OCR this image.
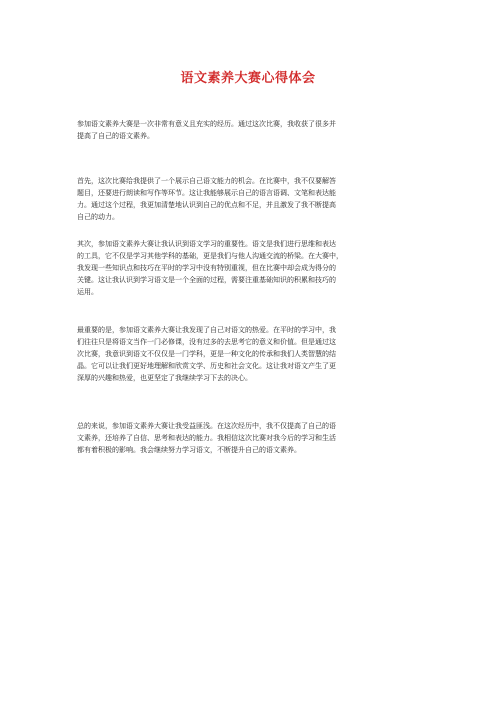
语文素养大赛心得体会

参加语文素养大赛是一次非常有意义且充实的经历。通过这次比赛，我收获了很多并
提高了自己的语文素养。

首先，这次比赛给我提供了一个展示自己语文能力的机会。在比赛中，我不仅要解答
题目，还要进行朗读和写作等环节。这让我能够展示自己的语言语调、文笔和表达能
力。通过这个过程，我更加清楚地认识到自己的优点和不足，并且激发了我不断提高
自己的动力。

其次，参加语文素养大赛让我认识到语文学习的重要性。语文是我们进行思维和表达
的工具，它不仅是学习其他学科的基础，更是我们与他人沟通交流的桥梁。在大赛中，
我发现一些知识点和技巧在平时的学习中没有特别重视，但在比赛中却会成为得分的
关键。这让我认识到学习语文是一个全面的过程，需要注重基础知识的积累和技巧的
运用。

最重要的是，参加语文素养大赛让我发现了自己对语文的热爱。在平时的学习中，我
们往往只是将语文当作一门必修课，没有过多的去思考它的意义和价值。但是通过这
次比赛，我意识到语文不仅仅是一门学科，更是一种文化的传承和我们人类智慧的结
晶。它可以让我们更好地理解和欣赏文学、历史和社会文化。这让我对语文产生了更
深厚的兴趣和热爱，也更坚定了我继续学习下去的决心。

总的来说，参加语文素养大赛让我受益匪浅。在这次经历中，我不仅提高了自己的语
文素养，还培养了自信、思考和表达的能力。我相信这次比赛对我今后的学习和生活
都有着积极的影响。我会继续努力学习语文，不断提升自己的语文素养。
